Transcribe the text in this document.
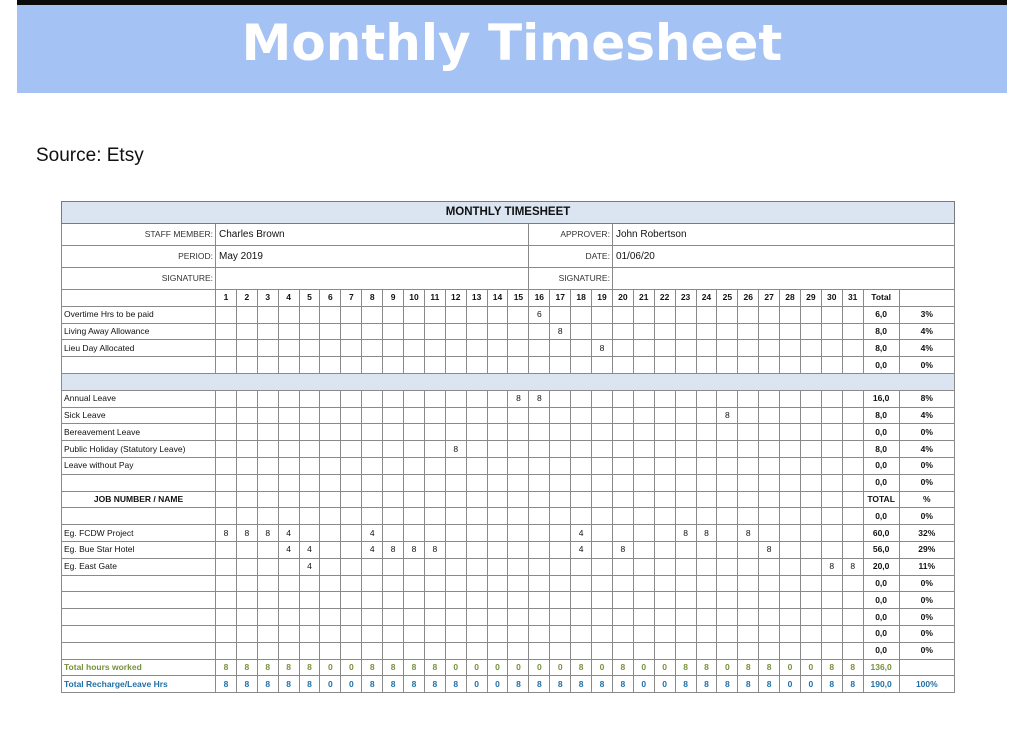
Monthly Timesheet
Source: Etsy
MONTHLY TIMESHEET																																	
STAFF MEMBER:	Charles Brown															APPROVER:				John Robertson													
PERIOD:	May 2019															DATE:				01/06/20													
SIGNATURE:																SIGNATURE:																	
	1	2	3	4	5	6	7	8	9	10	11	12	13	14	15	16	17	18	19	20	21	22	23	24	25	26	27	28	29	30	31	Total	
Overtime Hrs to be paid																6																6,0	3%
Living Away Allowance																	8															8,0	4%
Lieu Day Allocated																			8													8,0	4%
																																0,0	0%

Annual Leave															8	8																16,0	8%
Sick Leave																									8							8,0	4%
Bereavement Leave																																0,0	0%
Public Holiday (Statutory Leave)												8																				8,0	4%
Leave without Pay																																0,0	0%
																																0,0	0%
JOB NUMBER / NAME																																TOTAL	%
																																0,0	0%
Eg. FCDW Project	8	8	8	4				4										4					8	8		8						60,0	32%
Eg. Bue Star Hotel				4	4			4	8	8	8							4		8							8					56,0	29%
Eg. East Gate					4																									8	8	20,0	11%
																																0,0	0%
																																0,0	0%
																																0,0	0%
																																0,0	0%
																																0,0	0%
Total hours worked	8	8	8	8	8	0	0	8	8	8	8	0	0	0	0	0	0	8	0	8	0	0	8	8	0	8	8	0	0	8	8	136,0	
Total Recharge/Leave Hrs	8	8	8	8	8	0	0	8	8	8	8	8	0	0	8	8	8	8	8	8	0	0	8	8	8	8	8	0	0	8	8	190,0	100%
